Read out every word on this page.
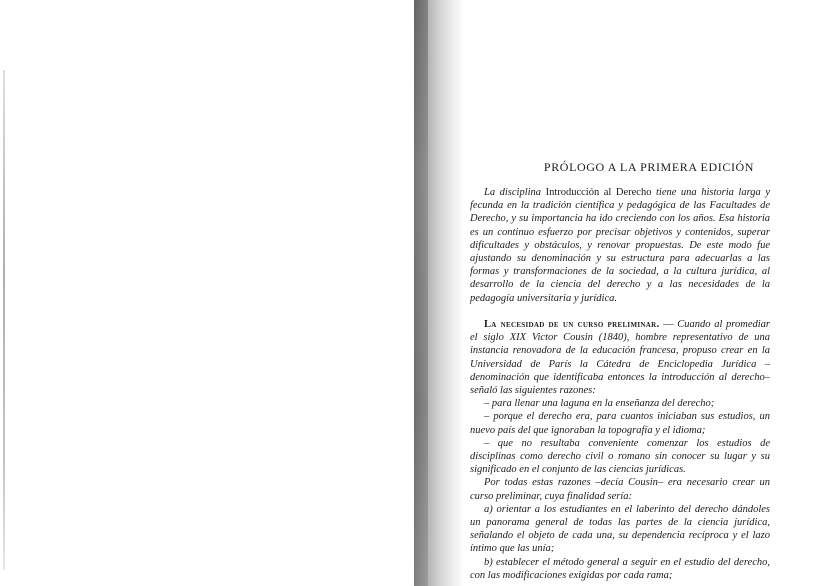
PRÓLOGO A LA PRIMERA EDICIÓN

La disciplina Introducción al Derecho tiene una historia larga y fecunda en la tradición científica y pedagógica de las Facultades de Derecho, y su importancia ha ido creciendo con los años. Esa historia es un continuo esfuerzo por precisar objetivos y contenidos, superar dificultades y obstáculos, y renovar propuestas. De este modo fue ajustando su denominación y su estructura para adecuarlas a las formas y transformaciones de la sociedad, a la cultura jurídica, al desarrollo de la ciencia del derecho y a las necesidades de la pedagogía universitaria y jurídica.

La necesidad de un curso preliminar. — Cuando al promediar el siglo XIX Victor Cousin (1840), hombre representativo de una instancia renovadora de la educación francesa, propuso crear en la Universidad de París la Cátedra de Enciclopedia Jurídica –denominación que identificaba entonces la introducción al derecho– señaló las siguientes razones:
– para llenar una laguna en la enseñanza del derecho;
– porque el derecho era, para cuantos iniciaban sus estudios, un nuevo país del que ignoraban la topografía y el idioma;
– que no resultaba conveniente comenzar los estudios de disciplinas como derecho civil o romano sin conocer su lugar y su significado en el conjunto de las ciencias jurídicas.
Por todas estas razones –decía Cousin– era necesario crear un curso preliminar, cuya finalidad sería:
a) orientar a los estudiantes en el laberinto del derecho dándoles un panorama general de todas las partes de la ciencia jurídica, señalando el objeto de cada una, su dependencia recíproca y el lazo íntimo que las unía;
b) establecer el método general a seguir en el estudio del derecho, con las modificaciones exigidas por cada rama;
